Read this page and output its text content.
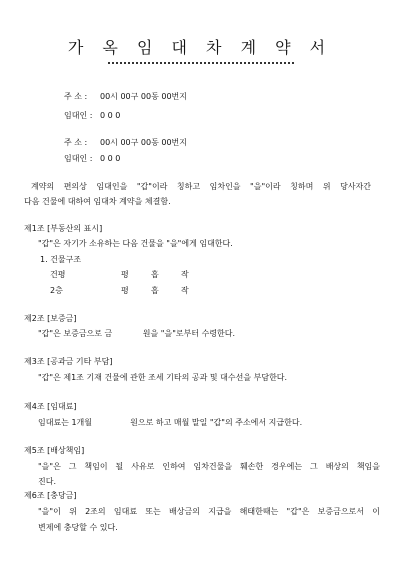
가 옥 임 대 차 계 약 서
주 소 : 00시 00구 00동 00번지
임대인 : 0 0 0
주 소 : 00시 00구 00동 00번지
임대인 : 0 0 0
계약의 편의상 임대인을 "갑"이라 칭하고 임차인을 "을"이라 칭하며 위 당사자간
다음 건물에 대하여 임대차 계약을 체결함.
제1조 [부동산의 표시]
"갑"은 자기가 소유하는 다음 건물을 "을"에게 임대한다.
1. 건물구조
건평	평	홉	작
2층	평	홉	작
제2조 [보증금]
"갑"은 보증금으로 금            원을 "을"로부터 수령한다.
제3조 [공과금 기타 부담]
"갑"은 제1조 기재 건물에 관한 조세 기타의 공과 및 대수선을 부담한다.
제4조 [임대료]
임대료는 1개월               원으로 하고 매월 말일 "갑"의 주소에서 지급한다.
제5조 [배상책임]
"을"은 그 책임이 될 사유로 인하여 임차건물을 훼손한 경우에는 그 배상의 책임을
진다.
제6조 [충당금]
"을"이 위 2조의 임대료 또는 배상금의 지급을 해태한때는 "갑"은 보증금으로서 이
변제에 충당할 수 있다.
